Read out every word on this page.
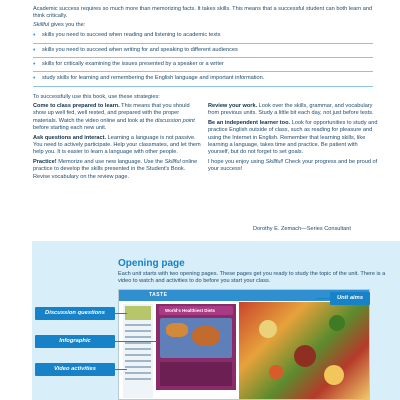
Academic success requires so much more than memorizing facts. It takes skills. This means that a successful student can both learn and think critically.

Skillful gives you the:

• skills you need to succeed when reading and listening to academic texts
• skills you need to succeed when writing for and speaking to different audiences
• skills for critically examining the issues presented by a speaker or a writer
• study skills for learning and remembering the English language and important information.
To successfully use this book, use these strategies:

Come to class prepared to learn. This means that you should show up well fed, well rested, and prepared with the proper materials. Watch the video online and look at the discussion point before starting each new unit.

Ask questions and interact. Learning a language is not passive. You need to actively participate. Help your classmates, and let them help you. It is easier to learn a language with other people.

Practice! Memorize and use new language. Use the Skillful online practice to develop the skills presented in the Student's Book. Revise vocabulary on the review page.

Review your work. Look over the skills, grammar, and vocabulary from previous units. Study a little bit each day, not just before tests.

Be an independent learner too. Look for opportunities to study and practice English outside of class, such as reading for pleasure and using the Internet in English. Remember that learning skills, like learning a language, takes time and practice. Be patient with yourself, but do not forget to set goals.

I hope you enjoy using Skillful! Check your progress and be proud of your success!

Dorothy E. Zemach—Series Consultant
Opening page
Each unit starts with two opening pages. These pages get you ready to study the topic of the unit. There is a video to watch and activities to do before you start your class.
TASTE
World's Healthiest Diets
Unit aims
Discussion questions
Infographic
Video activities
